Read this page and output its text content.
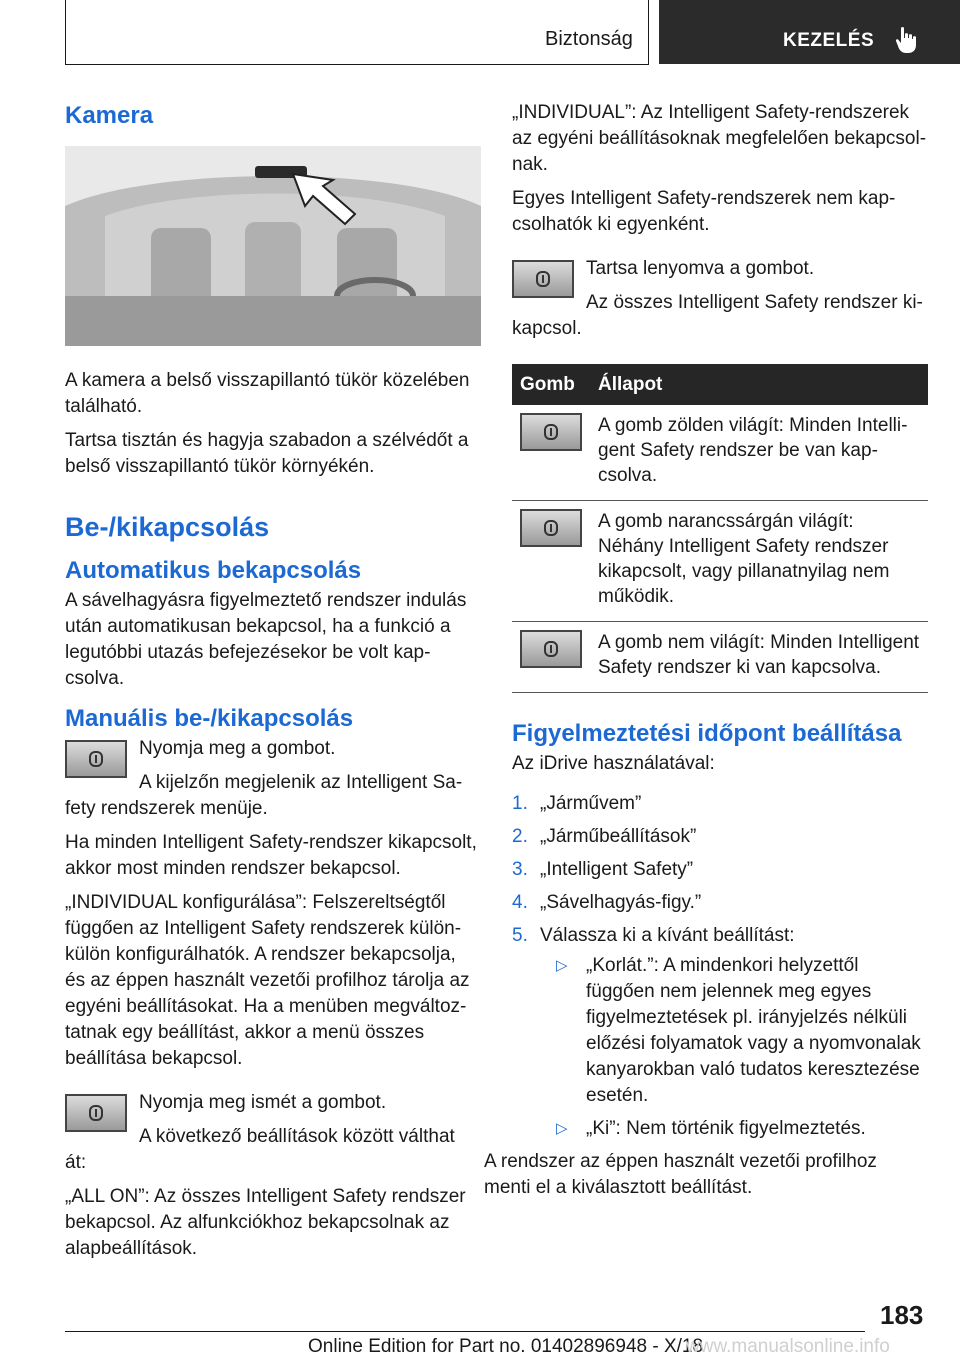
Biztonság	KEZELÉS
Kamera

A kamera a belső visszapillantó tükör közelében található.

Tartsa tisztán és hagyja szabadon a szélvédőt a belső visszapillantó tükör környékén.

Be-/kikapcsolás
Automatikus bekapcsolás

A sávelhagyásra figyelmeztető rendszer indulás után automatikusan bekapcsol, ha a funkció a legutóbbi utazás befejezésekor be volt kapcsolva.

Manuális be-/kikapcsolás

Nyomja meg a gombot.

A kijelzőn megjelenik az Intelligent Safety rendszerek menüje.

Ha minden Intelligent Safety-rendszer kikapcsolt, akkor most minden rendszer bekapcsol.

„INDIVIDUAL konfigurálása”: Felszereltségtől függően az Intelligent Safety rendszerek különkülön konfigurálhatók. A rendszer bekapcsolja, és az éppen használt vezetői profilhoz tárolja az egyéni beállításokat. Ha a menüben megváltoztatnak egy beállítást, akkor a menü összes beállítása bekapcsol.

Nyomja meg ismét a gombot.

A következő beállítások között válthat át:

„ALL ON”: Az összes Intelligent Safety rendszer bekapcsol. Az alfunkciókhoz bekapcsolnak az alapbeállítások.

„INDIVIDUAL”: Az Intelligent Safety-rendszerek az egyéni beállításoknak megfelelően bekapcsolnak.

Egyes Intelligent Safety-rendszerek nem kapcsolhatók ki egyenként.

Tartsa lenyomva a gombot.

Az összes Intelligent Safety rendszer kikapcsol.

Gomb	Állapot

	A gomb zölden világít: Minden Intelligent Safety rendszer be van kapcsolva.

	A gomb narancssárgán világít: Néhány Intelligent Safety rendszer kikapcsolt, vagy pillanatnyilag nem működik.

	A gomb nem világít: Minden Intelligent Safety rendszer ki van kapcsolva.
Figyelmeztetési időpont beállítása

Az iDrive használatával:

1. „Járművem”
2. „Járműbeállítások”
3. „Intelligent Safety”
4. „Sávelhagyás-figy.”
5. Válassza ki a kívánt beállítást:
▷ „Korlát.”: A mindenkori helyzettől függően nem jelennek meg egyes figyelmeztetések pl. irányjelzés nélküli előzési folyamatok vagy a nyomvonalak kanyarokban való tudatos keresztezése esetén.
▷ „Ki”: Nem történik figyelmeztetés.

A rendszer az éppen használt vezetői profilhoz menti el a kiválasztott beállítást.

183
Online Edition for Part no. 01402896948 - X/18
www.manualsonline.info
